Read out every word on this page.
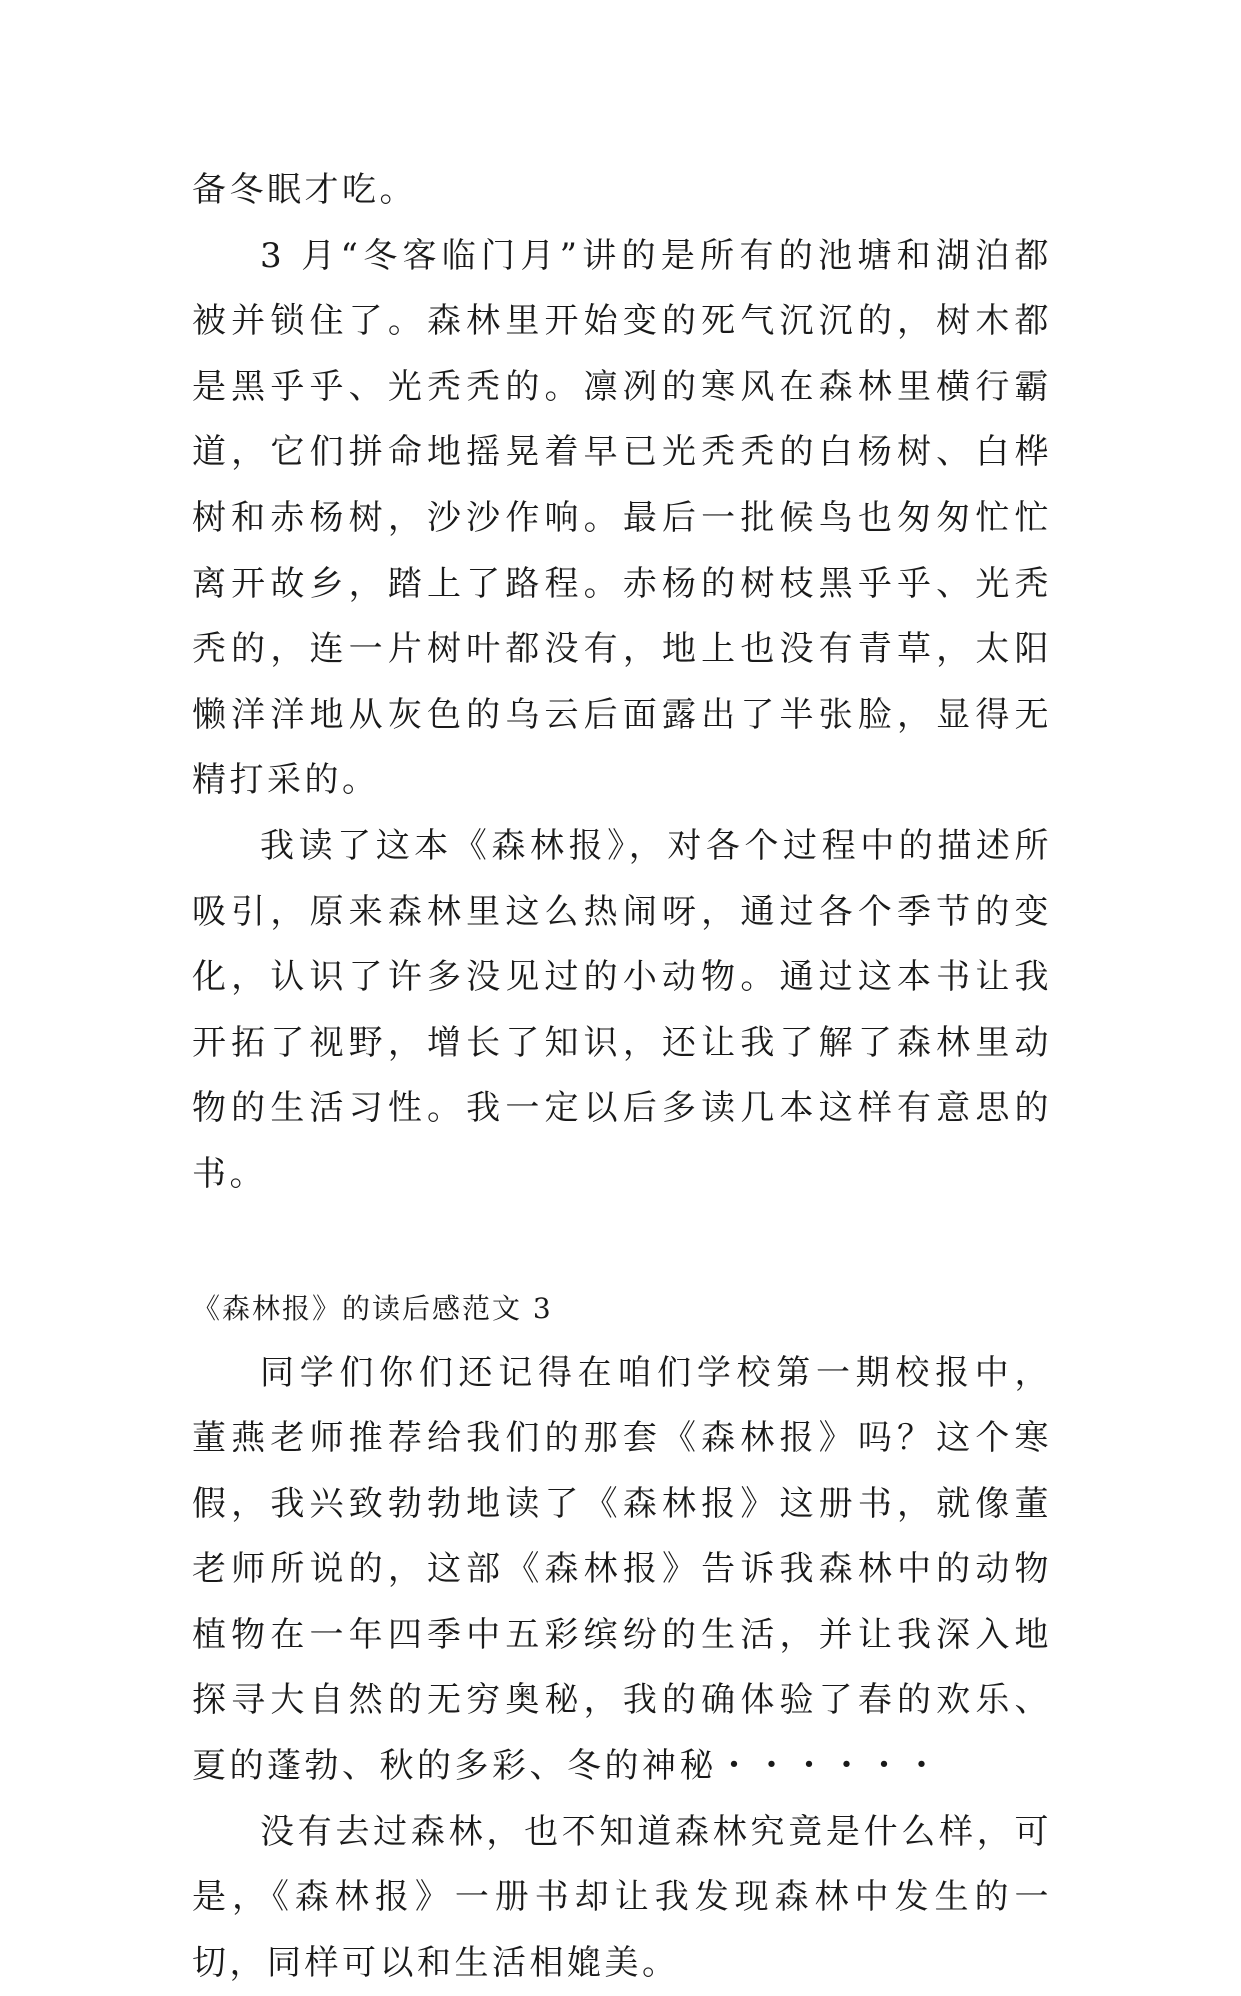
备冬眠才吃。

3 月“冬客临门月”讲的是所有的池塘和湖泊都被并锁住了。森林里开始变的死气沉沉的，树木都是黑乎乎、光秃秃的。凛冽的寒风在森林里横行霸道，它们拼命地摇晃着早已光秃秃的白杨树、白桦树和赤杨树，沙沙作响。最后一批候鸟也匆匆忙忙离开故乡，踏上了路程。赤杨的树枝黑乎乎、光秃秃的，连一片树叶都没有，地上也没有青草，太阳懒洋洋地从灰色的乌云后面露出了半张脸，显得无精打采的。

我读了这本《森林报》，对各个过程中的描述所吸引，原来森林里这么热闹呀，通过各个季节的变化，认识了许多没见过的小动物。通过这本书让我开拓了视野，增长了知识，还让我了解了森林里动物的生活习性。我一定以后多读几本这样有意思的书。

《森林报》的读后感范文 3

同学们你们还记得在咱们学校第一期校报中， 董燕老师推荐给我们的那套《森林报》吗？这个寒假，我兴致勃勃地读了《森林报》这册书，就像董老师所说的，这部《森林报》告诉我森林中的动物植物在一年四季中五彩缤纷的生活，并让我深入地探寻大自然的无穷奥秘，我的确体验了春的欢乐、夏的蓬勃、秋的多彩、冬的神秘・・・・・・

没有去过森林，也不知道森林究竟是什么样，可是，《森林报》一册书却让我发现森林中发生的一切，同样可以和生活相媲美。
